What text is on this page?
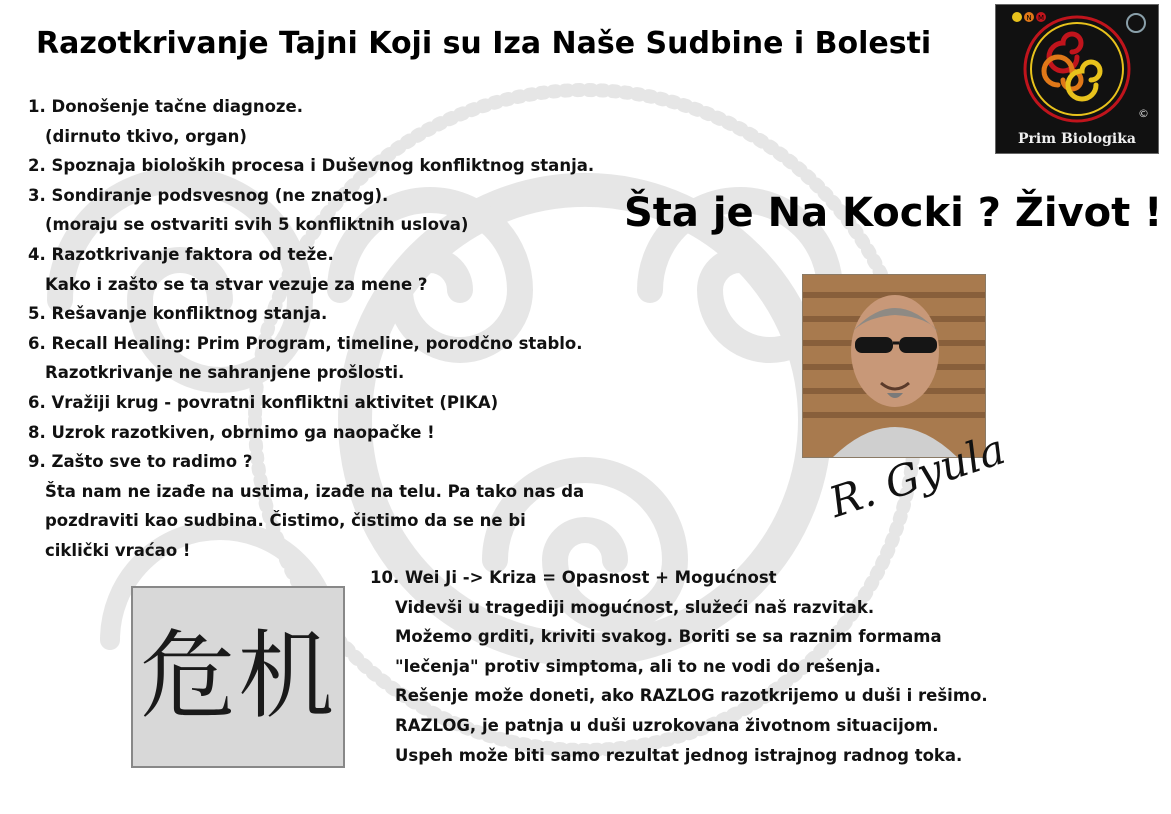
Razotkrivanje Tajni Koji su Iza Naše Sudbine i Bolesti
N M
©
Prim Biologika
1. Donošenje tačne diagnoze.
(dirnuto tkivo, organ)
2. Spoznaja bioloških procesa i Duševnog konfliktnog stanja.
3. Sondiranje podsvesnog (ne znatog).
(moraju se ostvariti svih 5 konfliktnih uslova)
4. Razotkrivanje faktora od teže.
Kako i zašto se ta stvar vezuje za mene ?
5. Rešavanje konfliktnog stanja.
6. Recall Healing: Prim Program, timeline, porodčno stablo.
Razotkrivanje ne sahranjene prošlosti.
6. Vražiji krug - povratni konfliktni aktivitet (PIKA)
8. Uzrok razotkiven, obrnimo ga naopačke !
9. Zašto sve to radimo ?
Šta nam ne izađe na ustima, izađe na telu. Pa tako nas da
pozdraviti kao sudbina. Čistimo, čistimo da se ne bi
ciklički vraćao !
Šta je Na Kocki ? Život !
R. Gyula
危机
10. Wei Ji -> Kriza = Opasnost + Mogućnost
Videvši u tragediji mogućnost, služeći naš razvitak.
Možemo grditi, kriviti svakog. Boriti se sa raznim formama
"lečenja" protiv simptoma, ali to ne vodi do rešenja.
Rešenje može doneti, ako RAZLOG razotkrijemo u duši i rešimo.
RAZLOG, je patnja u duši uzrokovana životnom situacijom.
Uspeh može biti samo rezultat jednog istrajnog radnog toka.
